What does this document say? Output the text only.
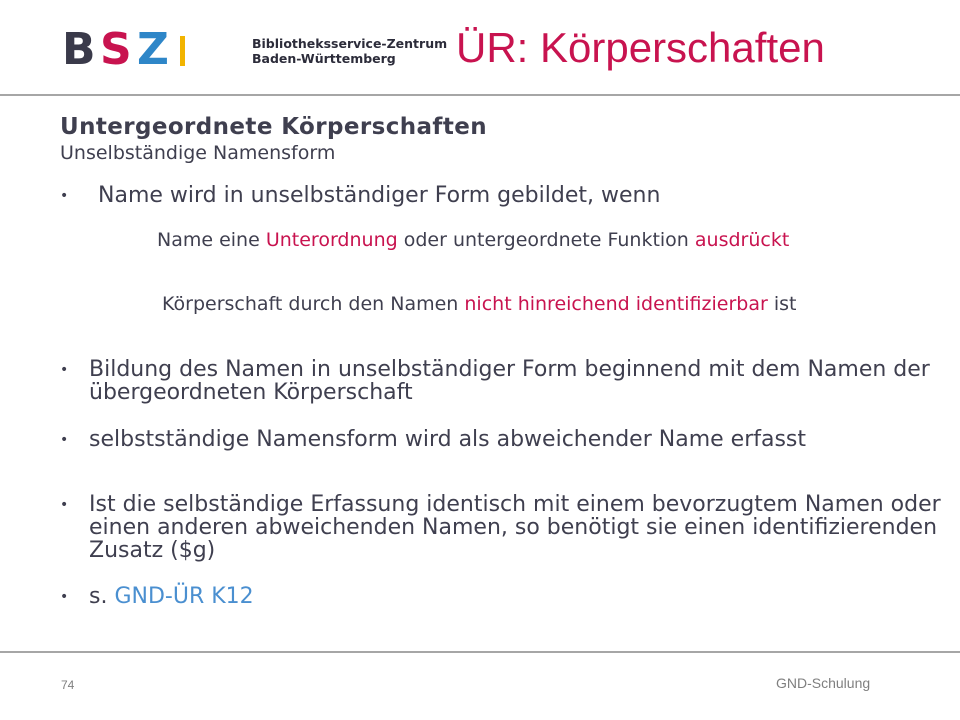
B S Z	Bibliotheksservice-Zentrum
Baden-Württemberg	ÜR: Körperschaften
Untergeordnete Körperschaften

Unselbständige Namensform

• Name wird in unselbständiger Form gebildet, wenn
Name eine Unterordnung oder untergeordnete Funktion ausdrückt
Körperschaft durch den Namen nicht hinreichend identifizierbar ist
• Bildung des Namen in unselbständiger Form beginnend mit dem Namen der übergeordneten Körperschaft
• selbstständige Namensform wird als abweichender Name erfasst
• Ist die selbständige Erfassung identisch mit einem bevorzugtem Namen oder einen anderen abweichenden Namen, so benötigt sie einen identifizierenden Zusatz ($g)
• s. GND-ÜR K12
74	GND-Schulung
